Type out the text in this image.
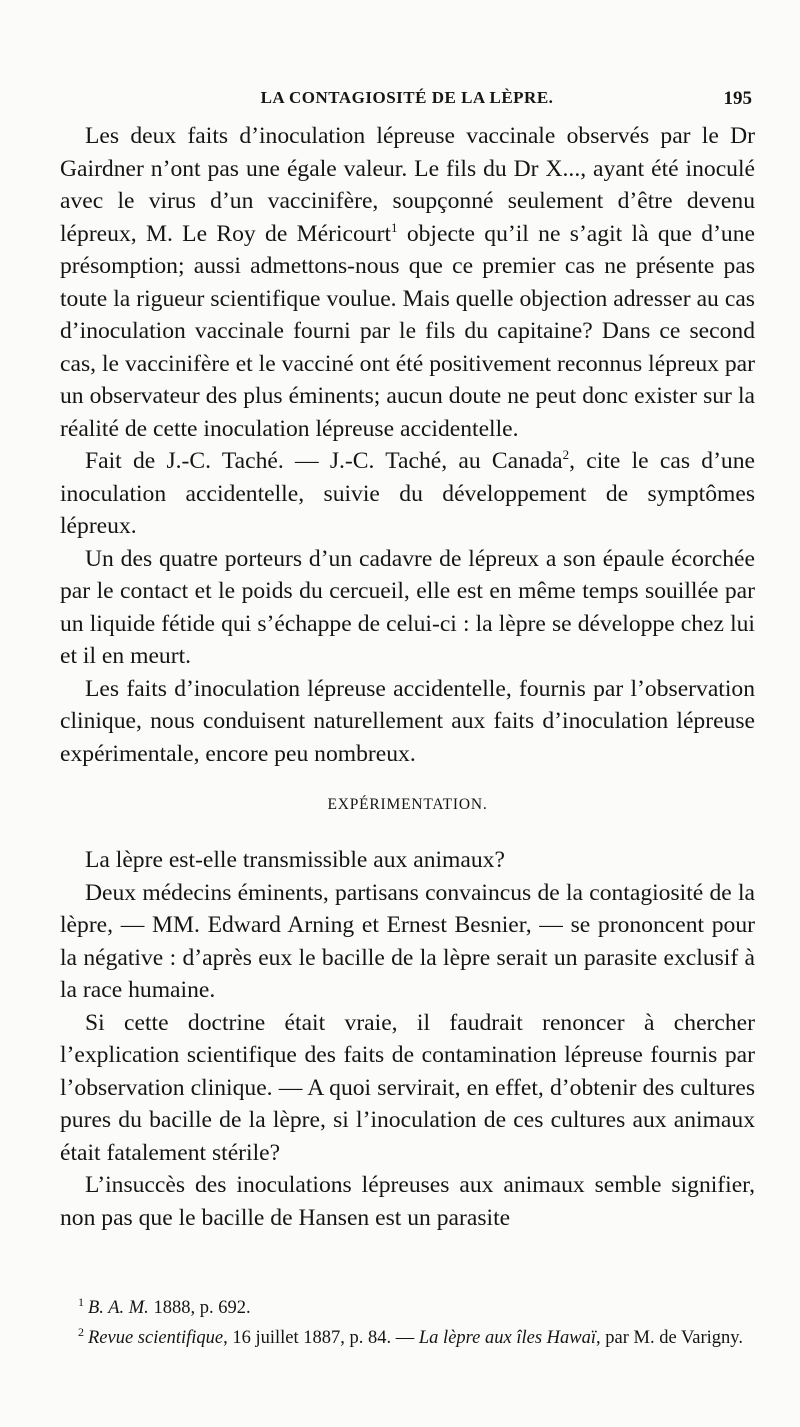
LA CONTAGIOSITÉ DE LA LÈPRE.	195

Les deux faits d’inoculation lépreuse vaccinale observés par le Dr Gairdner n’ont pas une égale valeur. Le fils du Dr X..., ayant été inoculé avec le virus d’un vaccinifère, soupçonné seulement d’être devenu lépreux, M. Le Roy de Méricourt$^1$ objecte qu’il ne s’agit là que d’une présomption; aussi admettons-nous que ce premier cas ne présente pas toute la rigueur scientifique voulue. Mais quelle objection adresser au cas d’inoculation vaccinale fourni par le fils du capitaine? Dans ce second cas, le vaccinifère et le vacciné ont été positivement reconnus lépreux par un observateur des plus éminents; aucun doute ne peut donc exister sur la réalité de cette inoculation lépreuse accidentelle.

Fait de J.-C. Taché. — J.-C. Taché, au Canada$^2$, cite le cas d’une inoculation accidentelle, suivie du développement de symptômes lépreux.

Un des quatre porteurs d’un cadavre de lépreux a son épaule écorchée par le contact et le poids du cercueil, elle est en même temps souillée par un liquide fétide qui s’échappe de celui-ci : la lèpre se développe chez lui et il en meurt.

Les faits d’inoculation lépreuse accidentelle, fournis par l’observation clinique, nous conduisent naturellement aux faits d’inoculation lépreuse expérimentale, encore peu nombreux.

EXPÉRIMENTATION.

La lèpre est-elle transmissible aux animaux?

Deux médecins éminents, partisans convaincus de la contagiosité de la lèpre, — MM. Edward Arning et Ernest Besnier, — se prononcent pour la négative : d’après eux le bacille de la lèpre serait un parasite exclusif à la race humaine.

Si cette doctrine était vraie, il faudrait renoncer à chercher l’explication scientifique des faits de contamination lépreuse fournis par l’observation clinique. — A quoi servirait, en effet, d’obtenir des cultures pures du bacille de la lèpre, si l’inoculation de ces cultures aux animaux était fatalement stérile?

L’insuccès des inoculations lépreuses aux animaux semble signifier, non pas que le bacille de Hansen est un parasite

$^1$ B. A. M. 1888, p. 692.

$^2$ Revue scientifique, 16 juillet 1887, p. 84. — La lèpre aux îles Hawaï, par M. de Varigny.
